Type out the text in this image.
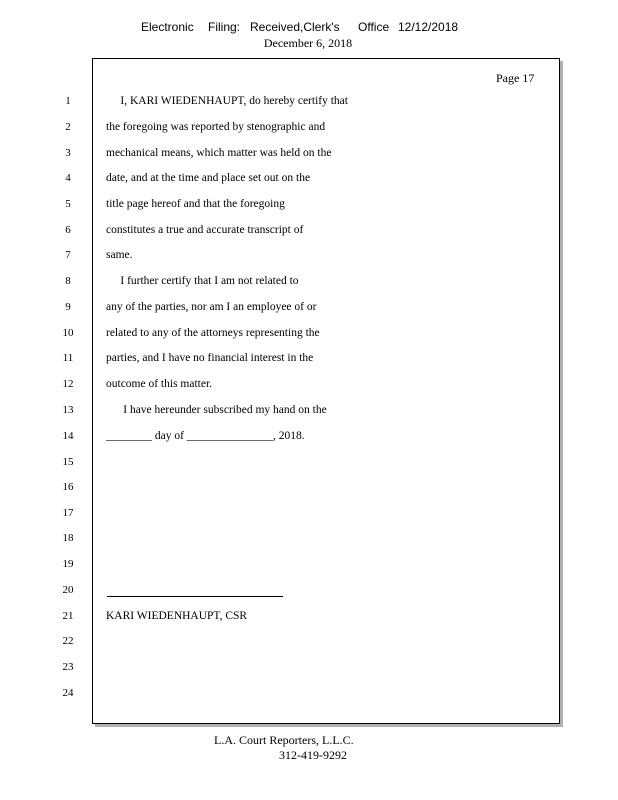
Electronic Filing: Received,Clerk's Office 12/12/2018
December 6, 2018
Page 17
1	I, KARI WIEDENHAUPT, do hereby certify that
2	the foregoing was reported by stenographic and
3	mechanical means, which matter was held on the
4	date, and at the time and place set out on the
5	title page hereof and that the foregoing
6	constitutes a true and accurate transcript of
7	same.
8	I further certify that I am not related to
9	any of the parties, nor am I an employee of or
10	related to any of the attorneys representing the
11	parties, and I have no financial interest in the
12	outcome of this matter.
13	I have hereunder subscribed my hand on the
14	________ day of _______________, 2018.
15
16
17
18
19
20
21	KARI WIEDENHAUPT, CSR
22
23
24
L.A. Court Reporters, L.L.C.
312-419-9292
